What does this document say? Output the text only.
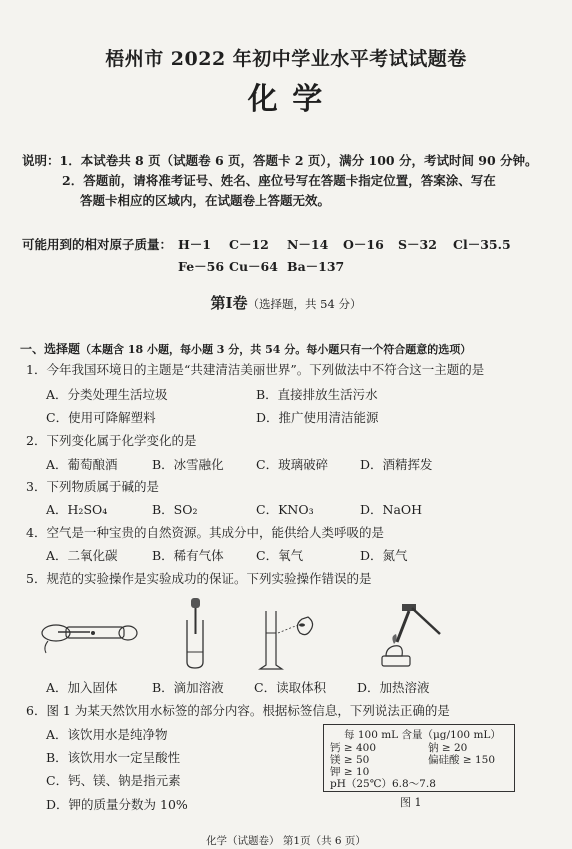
梧州市 2022 年初中学业水平考试试题卷
化 学
说明：1．本试卷共 8 页（试题卷 6 页，答题卡 2 页），满分 100 分，考试时间 90 分钟。
2．答题前，请将准考证号、姓名、座位号写在答题卡指定位置，答案涂、写在
答题卡相应的区域内，在试题卷上答题无效。
可能用到的相对原子质量： H－1 C－12 N－14 O－16 S－32 Cl－35.5
Fe－56 Cu－64 Ba－137
第Ⅰ卷（选择题，共 54 分）
一、选择题（本题含 18 小题，每小题 3 分，共 54 分。每小题只有一个符合题意的选项）
1．今年我国环境日的主题是“共建清洁美丽世界”。下列做法中不符合这一主题的是
A．分类处理生活垃圾	B．直接排放生活污水
C．使用可降解塑料	D．推广使用清洁能源
2．下列变化属于化学变化的是
A．葡萄酿酒	B．冰雪融化	C．玻璃破碎	D．酒精挥发
3．下列物质属于碱的是
A．H₂SO₄	B．SO₂	C．KNO₃	D．NaOH
4．空气是一种宝贵的自然资源。其成分中，能供给人类呼吸的是
A．二氧化碳	B．稀有气体	C．氧气	D．氮气
5．规范的实验操作是实验成功的保证。下列实验操作错误的是
A．加入固体	B．滴加溶液 C．读取体积 D．加热溶液
6．图 1 为某天然饮用水标签的部分内容。根据标签信息，下列说法正确的是
A．该饮用水是纯净物
B．该饮用水一定呈酸性
C．钙、镁、钠是指元素
D．钾的质量分数为 10%
每 100 mL 含量（μg/100 mL）
钙 ≥ 400	钠 ≥ 20
镁 ≥ 50	偏硅酸 ≥ 150
钾 ≥ 10
pH（25℃）6.8～7.8
图 1
化学（试题卷） 第1页（共 6 页）
